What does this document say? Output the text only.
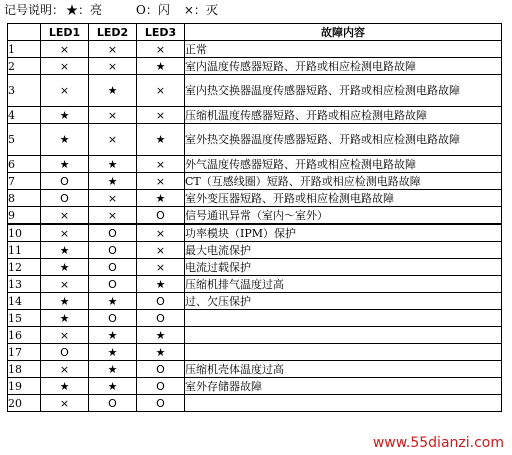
记号说明： ★：亮	O：闪 ×：灭
	LED1	LED2	LED3	故障内容
1	×	×	×	正常
2	×	×	★	室内温度传感器短路、开路或相应检测电路故障
3	×	★	×	室内热交换器温度传感器短路、开路或相应检测电路故障
4	★	×	×	压缩机温度传感器短路、开路或相应检测电路故障
5	★	×	★	室外热交换器温度传感器短路、开路或相应检测电路故障
6	★	★	×	外气温度传感器短路、开路或相应检测电路故障
7	O	★	×	CT（互感线圈）短路、开路或相应检测电路故障
8	O	×	★	室外变压器短路、开路或相应检测电路故障
9	×	×	O	信号通讯异常（室内～室外）
10	×	O	×	功率模块（IPM）保护
11	★	O	×	最大电流保护
12	★	O	×	电流过载保护
13	×	O	★	压缩机排气温度过高
14	★	★	O	过、欠压保护
15	★	O	O	
16	×	★	★	
17	O	★	★	
18	×	★	O	压缩机壳体温度过高
19	★	★	O	室外存储器故障
20	×	O	O	
www.55dianzi.com
